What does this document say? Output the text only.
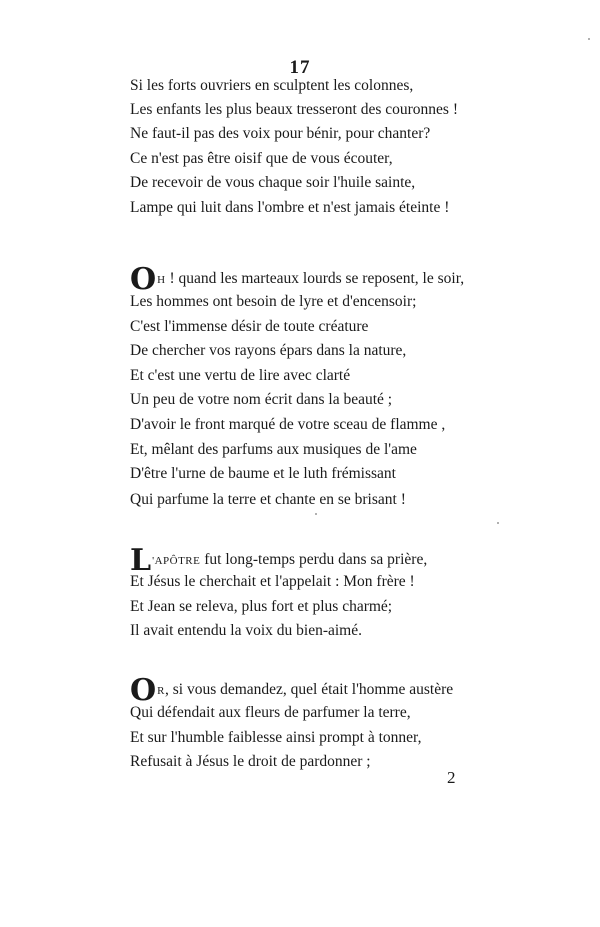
17
Si les forts ouvriers en sculptent les colonnes,
Les enfants les plus beaux tresseront des couronnes !
Ne faut-il pas des voix pour bénir, pour chanter?
Ce n'est pas être oisif que de vous écouter,
De recevoir de vous chaque soir l'huile sainte,
Lampe qui luit dans l'ombre et n'est jamais éteinte !
OH ! quand les marteaux lourds se reposent, le soir,
Les hommes ont besoin de lyre et d'encensoir;
C'est l'immense désir de toute créature
De chercher vos rayons épars dans la nature,
Et c'est une vertu de lire avec clarté
Un peu de votre nom écrit dans la beauté ;
D'avoir le front marqué de votre sceau de flamme ,
Et, mêlant des parfums aux musiques de l'ame
D'être l'urne de baume et le luth frémissant
Qui parfume la terre et chante en se brisant !
L'APÔTRE fut long-temps perdu dans sa prière,
Et Jésus le cherchait et l'appelait : Mon frère !
Et Jean se releva, plus fort et plus charmé;
Il avait entendu la voix du bien-aimé.
OR, si vous demandez, quel était l'homme austère
Qui défendait aux fleurs de parfumer la terre,
Et sur l'humble faiblesse ainsi prompt à tonner,
Refusait à Jésus le droit de pardonner ;
2
